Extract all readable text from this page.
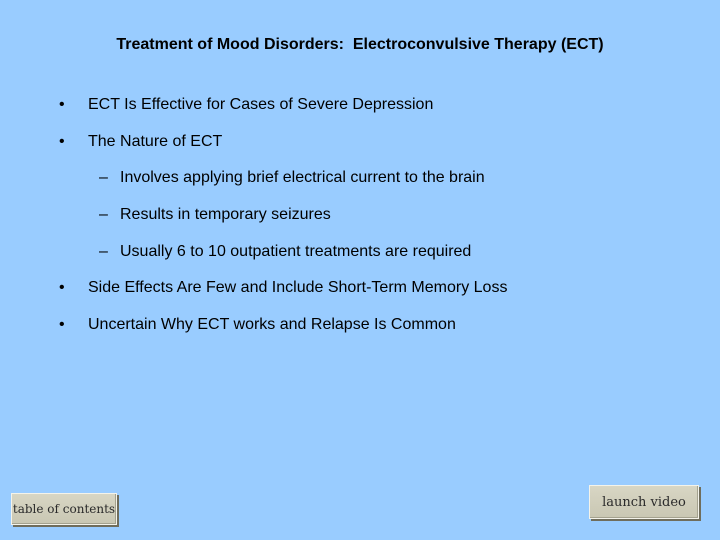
Treatment of Mood Disorders:  Electroconvulsive Therapy (ECT)
• ECT Is Effective for Cases of Severe Depression
• The Nature of ECT
– Involves applying brief electrical current to the brain
– Results in temporary seizures
– Usually 6 to 10 outpatient treatments are required
• Side Effects Are Few and Include Short-Term Memory Loss
• Uncertain Why ECT works and Relapse Is Common
table of contents	launch video
